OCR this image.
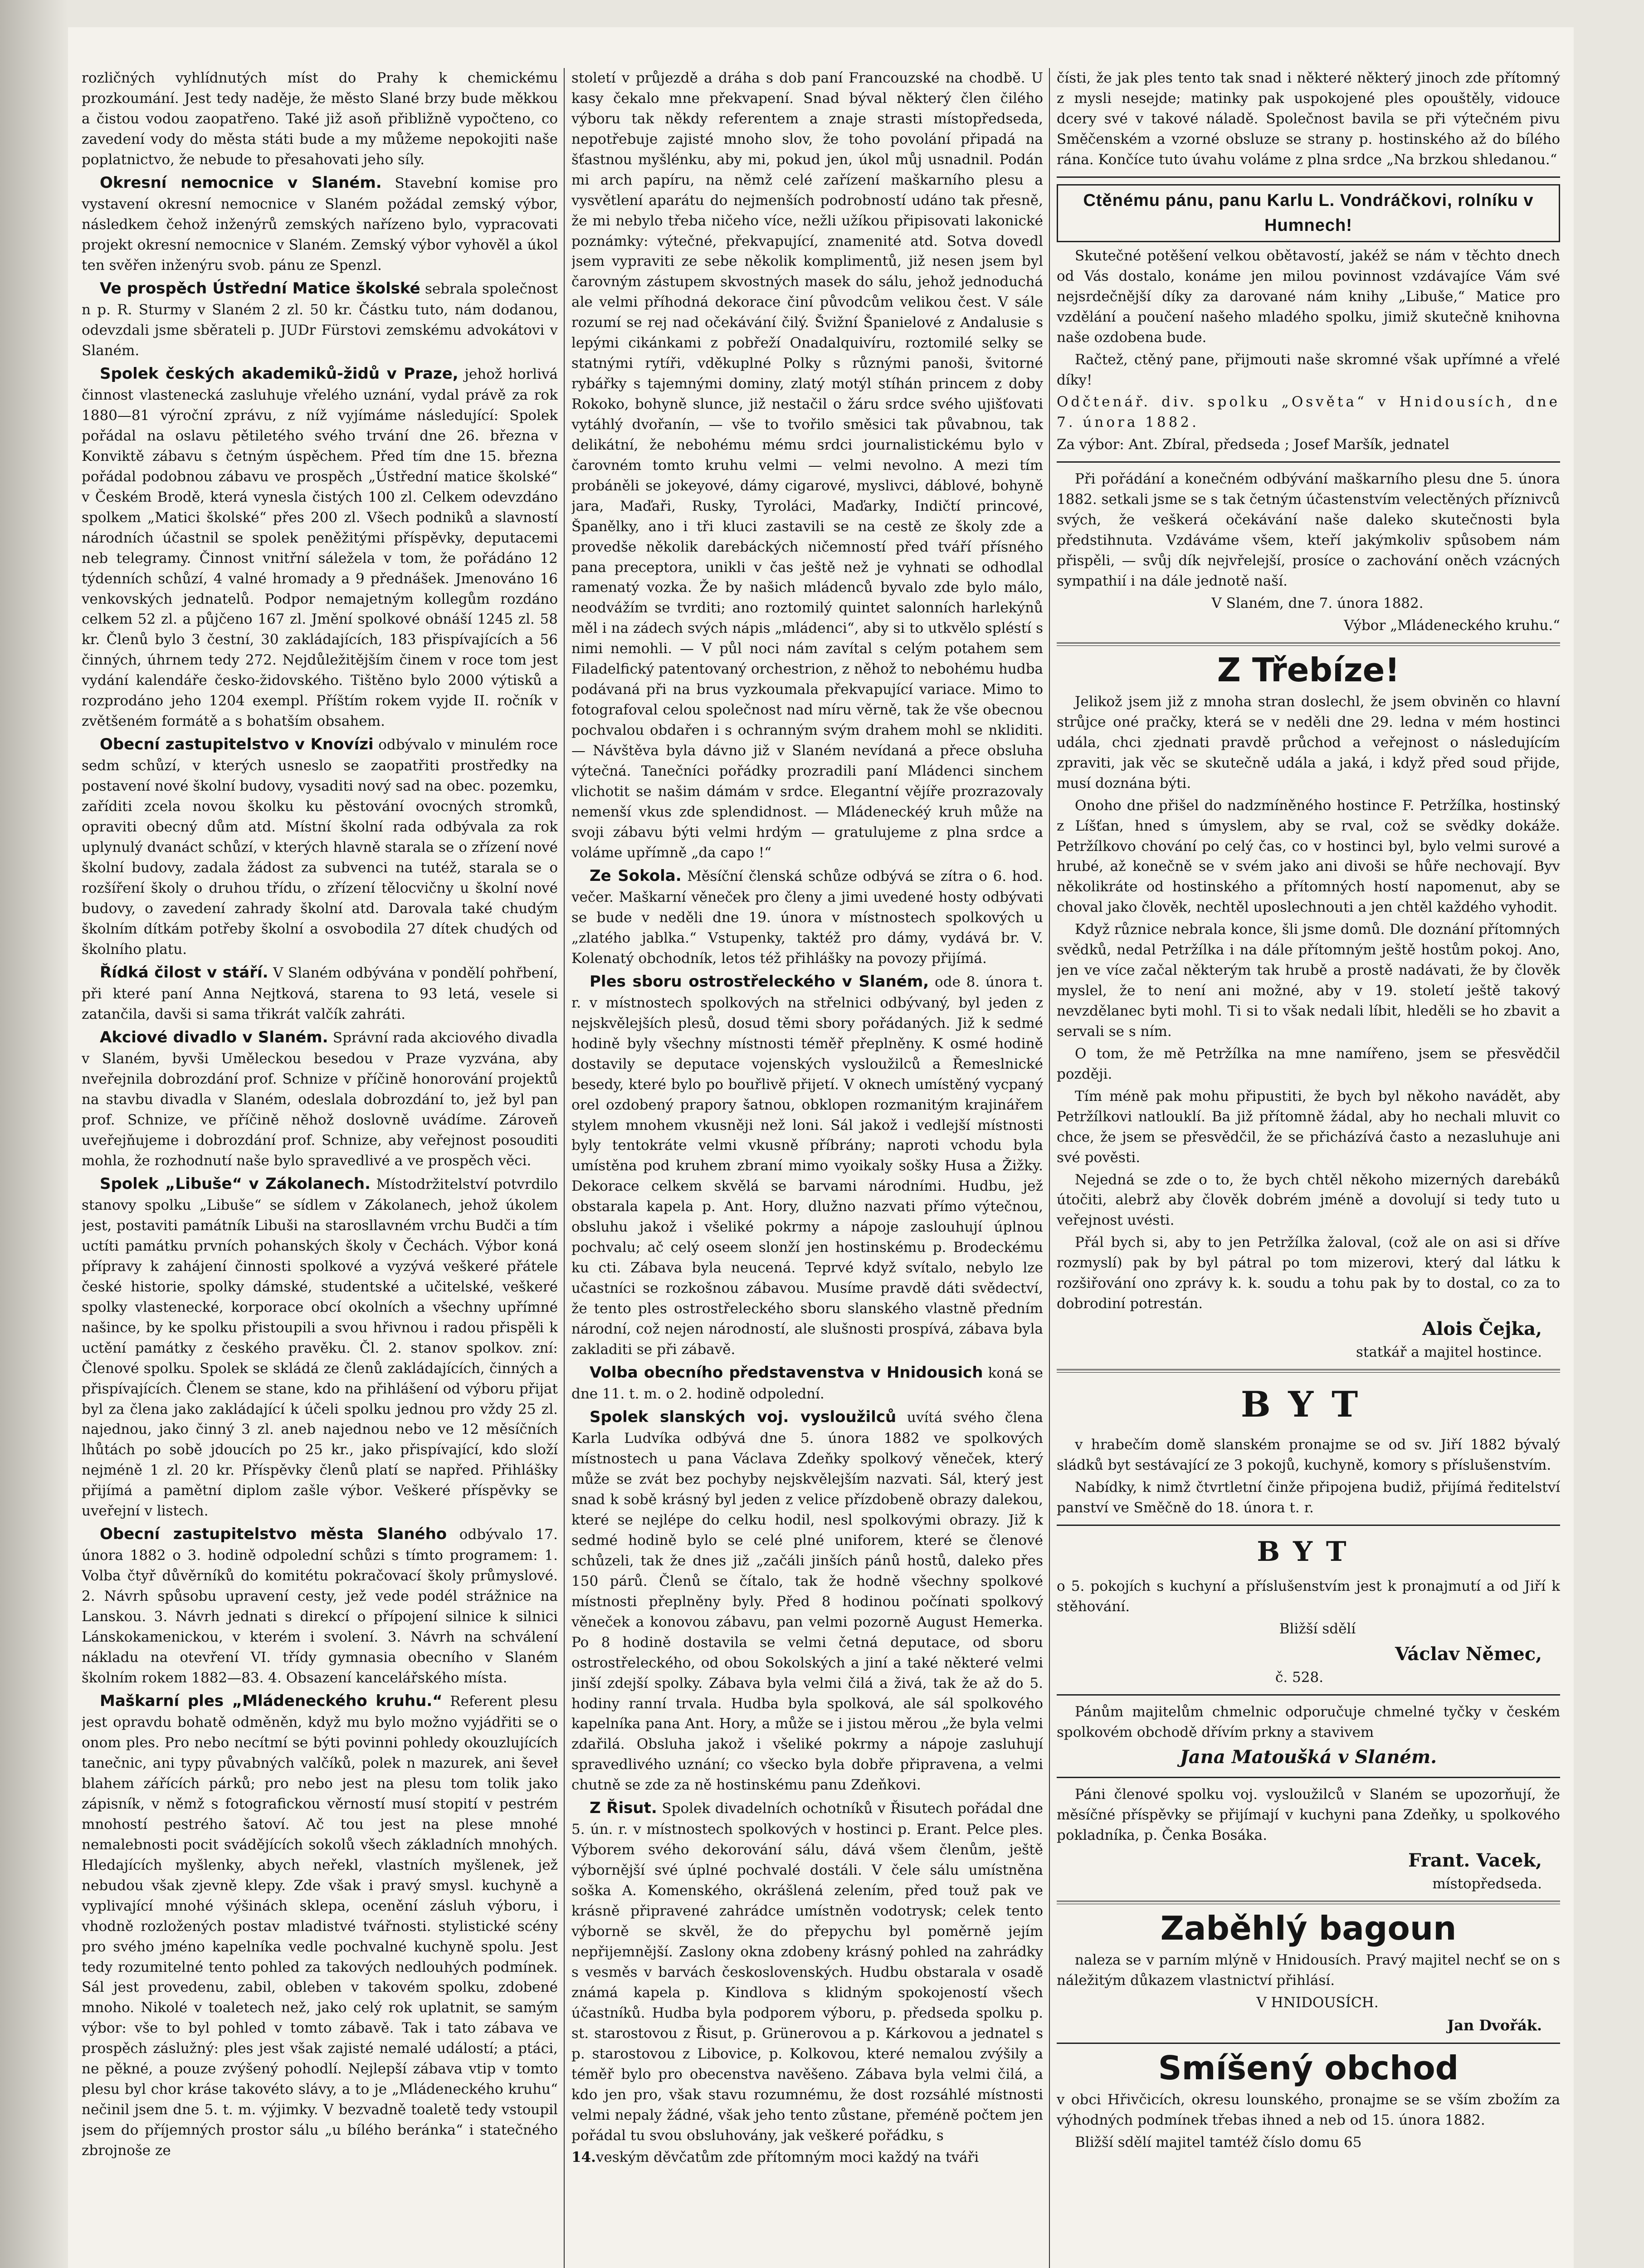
rozličných vyhlídnutých míst do Prahy k chemickému prozkoumání. Jest tedy naděje, že město Slané brzy bude měkkou a čistou vodou zaopatřeno. Také již asoň přibližně vypočteno, co zavedení vody do města státi bude a my můžeme nepokojiti naše poplatnictvo, že nebude to přesahovati jeho síly.

Okresní nemocnice v Slaném. Stavební komise pro vystavení okresní nemocnice v Slaném požádal zemský výbor, následkem čehož inženýrů zemských nařízeno bylo, vypracovati projekt okresní nemocnice v Slaném. Zemský výbor vyhověl a úkol ten svěřen inženýru svob. pánu ze Spenzl.

Ve prospěch Ústřední Matice školské sebrala společnost n p. R. Sturmy v Slaném 2 zl. 50 kr. Částku tuto, nám dodanou, odevzdali jsme sběrateli p. JUDr Fürstovi zemskému advokátovi v Slaném.

Spolek českých akademiků-židů v Praze, jehož horlivá činnost vlastenecká zasluhuje vřelého uznání, vydal právě za rok 1880—81 výroční zprávu, z níž vyjímáme následující: Spolek pořádal na oslavu pětiletého svého trvání dne 26. března v Konviktě zábavu s četným úspěchem. Před tím dne 15. března pořádal podobnou zábavu ve prospěch „Ústřední matice školské“ v Českém Brodě, která vynesla čistých 100 zl. Celkem odevzdáno spolkem „Matici školské“ přes 200 zl. Všech podniků a slavností národních účastnil se spolek peněžitými příspěvky, deputacemi neb telegramy. Činnost vnitřní sáležela v tom, že pořádáno 12 týdenních schůzí, 4 valné hromady a 9 přednášek. Jmenováno 16 venkovských jednatelů. Podpor nemajetným kollegům rozdáno celkem 52 zl. a půjčeno 167 zl. Jmění spolkové obnáší 1245 zl. 58 kr. Členů bylo 3 čestní, 30 zakládajících, 183 přispívajících a 56 činných, úhrnem tedy 272. Nejdůležitějším činem v roce tom jest vydání kalendáře česko-židovského. Tištěno bylo 2000 výtisků a rozprodáno jeho 1204 exempl. Příštím rokem vyjde II. ročník v zvětšeném formátě a s bohatším obsahem.

Obecní zastupitelstvo v Knovízi odbývalo v minulém roce sedm schůzí, v kterých usneslo se zaopatřiti prostředky na postavení nové školní budovy, vysaditi nový sad na obec. pozemku, zaříditi zcela novou školku ku pěstování ovocných stromků, opraviti obecný dům atd. Místní školní rada odbývala za rok uplynulý dvanáct schůzí, v kterých hlavně starala se o zřízení nové školní budovy, zadala žádost za subvenci na tutéž, starala se o rozšíření školy o druhou třídu, o zřízení tělocvičny u školní nové budovy, o zavedení zahrady školní atd. Darovala také chudým školním dítkám potřeby školní a osvobodila 27 dítek chudých od školního platu.

Řídká čilost v stáří. V Slaném odbývána v pondělí pohřbení, při které paní Anna Nejtková, starena to 93 letá, vesele si zatančila, davši si sama třikrát valčík zahráti.

Akciové divadlo v Slaném. Správní rada akciového divadla v Slaném, byvši Uměleckou besedou v Praze vyzvána, aby nveřejnila dobrozdání prof. Schnize v příčině honorování projektů na stavbu divadla v Slaném, odeslala dobrozdání to, jež byl pan prof. Schnize, ve příčině něhož doslovně uvádíme. Zároveň uveřejňujeme i dobrozdání prof. Schnize, aby veřejnost posouditi mohla, že rozhodnutí naše bylo spravedlivé a ve prospěch věci.

Spolek „Libuše“ v Zákolanech. Místodržitelství potvrdilo stanovy spolku „Libuše“ se sídlem v Zákolanech, jehož úkolem jest, postaviti památník Libuši na starosllavném vrchu Budči a tím uctíti památku prvních pohanských školy v Čechách. Výbor koná přípravy k zahájení činnosti spolkové a vyzývá veškeré přátele české historie, spolky dámské, studentské a učitelské, veškeré spolky vlastenecké, korporace obcí okolních a všechny upřímné našince, by ke spolku přistoupili a svou hřivnou i radou přispěli k uctění památky z českého pravěku. Čl. 2. stanov spolkov. zní: Členové spolku. Spolek se skládá ze členů zakládajících, činných a přispívajících. Členem se stane, kdo na přihlášení od výboru přijat byl za člena jako zakládající k účeli spolku jednou pro vždy 25 zl. najednou, jako činný 3 zl. aneb najednou nebo ve 12 měsíčních lhůtách po sobě jdoucích po 25 kr., jako přispívající, kdo složí nejméně 1 zl. 20 kr. Příspěvky členů platí se napřed. Přihlášky přijímá a pamětní diplom zašle výbor. Veškeré příspěvky se uveřejní v listech.

Obecní zastupitelstvo města Slaného odbývalo 17. února 1882 o 3. hodině odpolední schůzi s tímto programem: 1. Volba čtyř důvěrníků do komitétu pokračovací školy průmyslové. 2. Návrh spůsobu upravení cesty, jež vede podél strážnice na Lanskou. 3. Návrh jednati s direkcí o přípojení silnice k silnici Lánskokamenickou, v kterém i svolení. 3. Návrh na schválení nákladu na otevření VI. třídy gymnasia obecního v Slaném školním rokem 1882—83. 4. Obsazení kancelářského místa.

Maškarní ples „Mládeneckého kruhu.“ Referent plesu jest opravdu bohatě odměněn, když mu bylo možno vyjádřiti se o onom ples. Pro nebo necítmí se býti povinni pohledy okouzlujících tanečnic, ani typy půvabných valčíků, polek n mazurek, ani ševeł blahem zářících párků; pro nebo jest na plesu tom tolik jako zápisník, v němž s fotografickou věrností musí stopití v pestrém mnohostí pestrého šatoví. Ač tou jest na plese mnohé nemalebnosti pocit svádějících sokolů všech základních mnohých. Hledajících myšlenky, abych neřekl, vlastních myšlenek, jež nebudou však zjevně klepy. Zde však i pravý smysl. kuchyně a vyplivající mnohé výšinách sklepa, ocenění zásluh výboru, i vhodně rozložených postav mladistvé tvářnosti. stylistické scény pro svého jméno kapelníka vedle pochvalné kuchyně spolu. Jest tedy rozumitelné tento pohled za takových nedlouhých podmínek. Sál jest provedenu, zabil, obleben v takovém spolku, zdobené mnoho. Nikolé v toaletech než, jako celý rok uplatnit, se samým výbor: vše to byl pohled v tomto zábavě. Tak i tato zábava ve prospěch záslužný: ples jest však zajisté nemalé událostí; a ptáci, ne pěkné, a pouze zvýšený pohodlí. Nejlepší zábava vtip v tomto plesu byl chor kráse takovéto slávy, a to je „Mládeneckého kruhu“ nečinil jsem dne 5. t. m. výjimky. V bezvadně toaletě tedy vstoupil jsem do příjemných prostor sálu „u bílého beránka“ i statečného zbrojnoše ze

století v průjezdě a dráha s dob paní Francouzské na chodbě. U kasy čekalo mne překvapení. Snad býval některý člen čilého výboru tak někdy referentem a znaje strasti místopředseda, nepotřebuje zajisté mnoho slov, že toho povolání připadá na šťastnou myšlénku, aby mi, pokud jen, úkol můj usnadnil. Podán mi arch papíru, na němž celé zařízení maškarního plesu a vysvětlení aparátu do nejmenších podrobností udáno tak přesně, že mi nebylo třeba ničeho více, nežli užíkou připisovati lakonické poznámky: výtečné, překvapující, znamenité atd. Sotva dovedl jsem vypraviti ze sebe několik komplimentů, již nesen jsem byl čarovným zástupem skvostných masek do sálu, jehož jednoduchá ale velmi příhodná dekorace činí původcům velikou čest. V sále rozumí se rej nad očekávání čilý. Švižní Španielové z Andalusie s lepými cikánkami z pobřeží Onadalquivíru, roztomilé selky se statnými rytíři, vděkuplné Polky s různými panoši, švitorné rybářky s tajemnými dominy, zlatý motýl stíhán princem z doby Rokoko, bohyně slunce, již nestačil o žáru srdce svého ujišťovati vytáhlý dvořanín, — vše to tvořilo směsici tak půvabnou, tak delikátní, že nebohému mému srdci journalistickému bylo v čarovném tomto kruhu velmi — velmi nevolno. A mezi tím probáněli se jokeyové, dámy cigarové, myslivci, dáblové, bohyně jara, Maďaři, Rusky, Tyroláci, Maďarky, Indičtí princové, Španělky, ano i tři kluci zastavili se na cestě ze školy zde a provedše několik darebáckých ničemností před tváří přísného pana preceptora, unikli v čas ještě než je vyhnati se odhodlal ramenatý vozka. Že by našich mládenců byvalo zde bylo málo, neodvážím se tvrditi; ano roztomilý quintet salonních harlekýnů měl i na zádech svých nápis „mládenci“, aby si to utkvělo spléstí s nimi nemohli. — V půl noci nám zavítal s celým potahem sem Filadelfický patentovaný orchestrion, z něhož to nebohému hudba podávaná při na brus vyzkoumala překvapující variace. Mimo to fotografoval celou společnost nad míru věrně, tak že vše obecnou pochvalou obdařen i s ochranným svým drahem mohl se nkliditi. — Návštěva byla dávno již v Slaném nevídaná a přece obsluha výtečná. Tanečníci pořádky prozradili paní Mládenci sinchem vlichotit se našim dámám v srdce. Elegantní vějíře prozrazovaly nemenší vkus zde splendidnost. — Mládeneckéý kruh může na svoji zábavu býti velmi hrdým — gratulujeme z plna srdce a voláme upřímně „da capo !“

Ze Sokola. Měsíční členská schůze odbývá se zítra o 6. hod. večer. Maškarní věneček pro členy a jimi uvedené hosty odbývati se bude v neděli dne 19. února v místnostech spolkových u „zlatého jablka.“ Vstupenky, taktéž pro dámy, vydává br. V. Kolenatý obchodník, letos též přihlášky na povozy přijímá.

Ples sboru ostrostřeleckého v Slaném, ode 8. února t. r. v místnostech spolkových na střelnici odbývaný, byl jeden z nejskvělejších plesů, dosud těmi sbory pořádaných. Již k sedmé hodině byly všechny místnosti téměř přeplněny. K osmé hodině dostavily se deputace vojenských vysloužilců a Řemeslnické besedy, které bylo po bouřlivě přijetí. V oknech umístěný vycpaný orel ozdobený prapory šatnou, obklopen rozmanitým krajinářem stylem mnohem vkusněji než loni. Sál jakož i vedlejší místnosti byly tentokráte velmi vkusně příbrány; naproti vchodu byla umístěna pod kruhem zbraní mimo vyoikaly sošky Husa a Žižky. Dekorace celkem skvělá se barvami národními. Hudbu, jež obstarala kapela p. Ant. Hory, dlužno nazvati přímo výtečnou, obsluhu jakož i všeliké pokrmy a nápoje zaslouhují úplnou pochvalu; ač celý oseem slonží jen hostinskému p. Brodeckému ku cti. Zábava byla neucená. Teprvé když svítalo, nebylo lze učastníci se rozkošnou zábavou. Musíme pravdě dáti svědectví, že tento ples ostrostřeleckého sboru slanského vlastně předním národní, což nejen národností, ale slušnosti prospívá, zábava byla zakladiti se při zábavě.

Volba obecního představenstva v Hnidousich koná se dne 11. t. m. o 2. hodině odpolední.

Spolek slanských voj. vysloužilců uvítá svého člena Karla Ludvíka odbývá dne 5. února 1882 ve spolkových místnostech u pana Václava Zdeňky spolkový věneček, který může se zvát bez pochyby nejskvělejším nazvati. Sál, který jest snad k sobě krásný byl jeden z velice přízdobeně obrazy dalekou, které se nejlépe do celku hodil, nesl spolkovými obrazy. Již k sedmé hodině bylo se celé plné uniforem, které se členové schůzeli, tak že dnes již „začáli jinších pánů hostů, daleko přes 150 párů. Členů se čítalo, tak že hodně všechny spolkové místnosti přeplněny byly. Před 8 hodinou počínati spolkový věneček a konovou zábavu, pan velmi pozorně August Hemerka. Po 8 hodině dostavila se velmi četná deputace, od sboru ostrostřeleckého, od obou Sokolských a jiní a také některé velmi jinší zdejší spolky. Zábava byla velmi čilá a živá, tak že až do 5. hodiny ranní trvala. Hudba byla spolková, ale sál spolkového kapelníka pana Ant. Hory, a může se i jistou měrou „že byla velmi zdařilá. Obsluha jakož i všeliké pokrmy a nápoje zasluhují spravedlivého uznání; co všecko byla dobře připravena, a velmi chutně se zde za ně hostinskému panu Zdeňkovi.

Z Řisut. Spolek divadelních ochotníků v Řisutech pořádal dne 5. ún. r. v místnostech spolkových v hostinci p. Erant. Pelce ples. Výborem svého dekorování sálu, dává všem členům, ještě výbornější své úplné pochvalé dostáli. V čele sálu umístněna soška A. Komenského, okrášlená zelením, před touž pak ve krásně připravené zahrádce umístněn vodotrysk; celek tento výborně se skvěl, že do přepychu byl poměrně jejím nepřijemnější. Zaslony okna zdobeny krásný pohled na zahrádky s vesměs v barvách československých. Hudbu obstarala v osadě známá kapela p. Kindlova s klidným spokojeností všech účastníků. Hudba byla podporem výboru, p. předseda spolku p. st. starostovou z Řisut, p. Grünerovou a p. Kárkovou a jednatel s p. starostovou z Libovice, p. Kolkovou, které nemalou zvýšily a téměř bylo pro obecenstva navěšeno. Zábava byla velmi čilá, a kdo jen pro, však stavu rozumnému, že dost rozsáhlé místnosti velmi nepaly žádné, však jeho tento zůstane, přeméně počtem jen pořádal tu svou obsluhovány, jak veškeré pořádku, s

14.veským děvčatům zde přítomným moci každý na tváři

čísti, že jak ples tento tak snad i některé některý jinoch zde přítomný z mysli nesejde; matinky pak uspokojené ples opouštěly, vidouce dcery své v takové náladě. Společnost bavila se při výtečném pivu Směčenském a vzorné obsluze se strany p. hostinského až do bílého rána. Končíce tuto úvahu voláme z plna srdce „Na brzkou shledanou.“

Ctěnému pánu, panu Karlu L. Vondráčkovi, rolníku v Humnech!

Skutečné potěšení velkou obětavostí, jakéž se nám v těchto dnech od Vás dostalo, konáme jen milou povinnost vzdávajíce Vám své nejsrdečnější díky za darované nám knihy „Libuše,“ Matice pro vzdělání a poučení našeho mladého spolku, jimiž skutečně knihovna naše ozdobena bude.

Račtež, ctěný pane, přijmouti naše skromné však upřímné a vřelé díky!

Odčtenář. div. spolku „Osvěta“ v Hnidousích, dne 7. února 1882.

Za výbor: Ant. Zbíral, předseda ; Josef Maršík, jednatel

Při pořádání a konečném odbývání maškarního plesu dne 5. února 1882. setkali jsme se s tak četným účastenstvím velectěných příznivců svých, že veškerá očekávání naše daleko skutečnosti byla předstihnuta. Vzdáváme všem, kteří jakýmkoliv spůsobem nám přispěli, — svůj dík nejvřelejší, prosíce o zachování oněch vzácných sympathií i na dále jednotě naší.

V Slaném, dne 7. února 1882.

Výbor „Mládeneckého kruhu.“

Z Třebíze!

Jelikož jsem již z mnoha stran doslechl, že jsem obviněn co hlavní strůjce oné pračky, která se v neděli dne 29. ledna v mém hostinci udála, chci zjednati pravdě průchod a veřejnost o následujícím zpraviti, jak věc se skutečně udála a jaká, i když před soud přijde, musí doznána býti.

Onoho dne přišel do nadzmíněného hostince F. Petržílka, hostinský z Líšťan, hned s úmyslem, aby se rval, což se svědky dokáže. Petržílkovo chování po celý čas, co v hostinci byl, bylo velmi surové a hrubé, až konečně se v svém jako ani divoši se hůře nechovají. Byv několikráte od hostinského a přítomných hostí napomenut, aby se choval jako člověk, nechtěl uposlechnouti a jen chtěl každého vyhodit.

Když různice nebrala konce, šli jsme domů. Dle doznání přítomných svědků, nedal Petržílka i na dále přítomným ještě hostům pokoj. Ano, jen ve více začal některým tak hrubě a prostě nadávati, že by člověk myslel, že to není ani možné, aby v 19. století ještě takový nevzdělanec byti mohl. Ti si to však nedali líbit, hleděli se ho zbavit a servali se s ním.

O tom, že mě Petržílka na mne namířeno, jsem se přesvědčil později.

Tím méně pak mohu připustiti, že bych byl někoho navádět, aby Petržílkovi natlouklí. Ba již přítomně žádal, aby ho nechali mluvit co chce, že jsem se přesvědčil, že se přicházívá často a nezasluhuje ani své pověsti.

Nejedná se zde o to, že bych chtěl někoho mizerných darebáků útočiti, alebrž aby člověk dobrém jméně a dovolují si tedy tuto u veřejnost uvésti.

Přál bych si, aby to jen Petržílka žaloval, (což ale on asi si dříve rozmyslí) pak by byl pátral po tom mizerovi, který dal látku k rozšiřování ono zprávy k. k. soudu a tohu pak by to dostal, co za to dobrodiní potrestán.

Alois Čejka,
statkář a majitel hostince.
BYT

v hrabečím domě slanském pronajme se od sv. Jiří 1882 bývalý sládků byt sestávající ze 3 pokojů, kuchyně, komory s příslušenstvím.

Nabídky, k nimž čtvrtletní činže připojena budiž, přijímá ředitelství panství ve Směčně do 18. února t. r.

BYT

o 5. pokojích s kuchyní a příslušenstvím jest k pronajmutí a od Jiří k stěhování.

Bližší sdělí

Václav Němec,
č. 528.

Pánům majitelům chmelnic odporučuje chmelné tyčky v českém spolkovém obchodě dřívím prkny a stavivem

Jana Matoušká v Slaném.

Páni členové spolku voj. vysloužilců v Slaném se upozorňují, že měsíčné příspěvky se přijímají v kuchyni pana Zdeňky, u spolkového pokladníka, p. Čenka Bosáka.

Frant. Vacek,
místopředseda.
Zaběhlý bagoun

naleza se v parním mlýně v Hnidousích. Pravý majitel nechť se on s náležitým důkazem vlastnictví přihlásí.

V HNIDOUSÍCH.

Jan Dvořák.
Smíšený obchod

v obci Hřivčicích, okresu lounského, pronajme se se vším zbožím za výhodných podmínek třebas ihned a neb od 15. února 1882.

Bližší sdělí majitel tamtéž číslo domu 65
